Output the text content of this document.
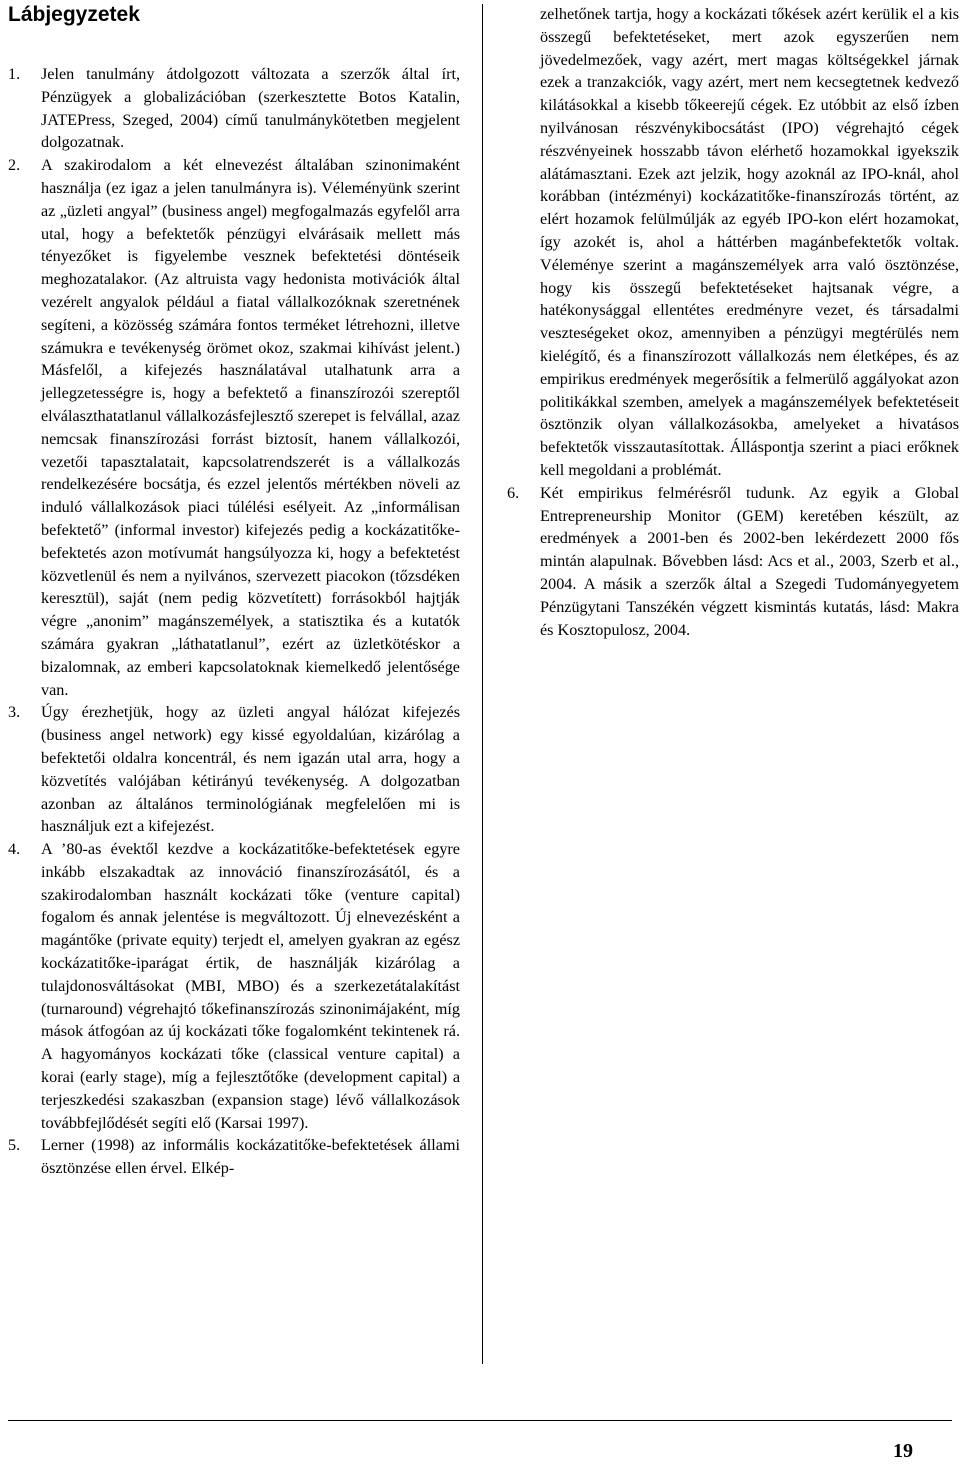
Lábjegyzetek

1. Jelen tanulmány átdolgozott változata a szerzők által írt, Pénzügyek a globalizációban (szerkesztette Botos Katalin, JATEPress, Szeged, 2004) című tanulmánykötetben megjelent dolgozatnak.

2. A szakirodalom a két elnevezést általában szinonimaként használja (ez igaz a jelen tanulmányra is). Véleményünk szerint az „üzleti angyal” (business angel) megfogalmazás egyfelől arra utal, hogy a befektetők pénzügyi elvárásaik mellett más tényezőket is figyelembe vesznek befektetési döntéseik meghozatalakor. (Az altruista vagy hedonista motivációk által vezérelt angyalok például a fiatal vállalkozóknak szeretnének segíteni, a közösség számára fontos terméket létrehozni, illetve számukra e tevékenység örömet okoz, szakmai kihívást jelent.) Másfelől, a kifejezés használatával utalhatunk arra a jellegzetességre is, hogy a befektető a finanszírozói szereptől elválaszthatatlanul vállalkozásfejlesztő szerepet is felvállal, azaz nemcsak finanszírozási forrást biztosít, hanem vállalkozói, vezetői tapasztalatait, kapcsolatrendszerét is a vállalkozás rendelkezésére bocsátja, és ezzel jelentős mértékben növeli az induló vállalkozások piaci túlélési esélyeit. Az „informálisan befektető” (informal investor) kifejezés pedig a kockázatitőke-befektetés azon motívumát hangsúlyozza ki, hogy a befektetést közvetlenül és nem a nyilvános, szervezett piacokon (tőzsdéken keresztül), saját (nem pedig közvetített) forrásokból hajtják végre „anonim” magánszemélyek, a statisztika és a kutatók számára gyakran „láthatatlanul”, ezért az üzletkötéskor a bizalomnak, az emberi kapcsolatoknak kiemelkedő jelentősége van.

3. Úgy érezhetjük, hogy az üzleti angyal hálózat kifejezés (business angel network) egy kissé egyoldalúan, kizárólag a befektetői oldalra koncentrál, és nem igazán utal arra, hogy a közvetítés valójában kétirányú tevékenység. A dolgozatban azonban az általános terminológiának megfelelően mi is használjuk ezt a kifejezést.

4. A ’80-as évektől kezdve a kockázatitőke-befektetések egyre inkább elszakadtak az innováció finanszírozásától, és a szakirodalomban használt kockázati tőke (venture capital) fogalom és annak jelentése is megváltozott. Új elnevezésként a magántőke (private equity) terjedt el, amelyen gyakran az egész kockázatitőke-iparágat értik, de használják kizárólag a tulajdonosváltásokat (MBI, MBO) és a szerkezetátalakítást (turnaround) végrehajtó tőkefinanszírozás szinonimájaként, míg mások átfogóan az új kockázati tőke fogalomként tekintenek rá. A hagyományos kockázati tőke (classical venture capital) a korai (early stage), míg a fejlesztőtőke (development capital) a terjeszkedési szakaszban (expansion stage) lévő vállalkozások továbbfejlődését segíti elő (Karsai 1997).

5. Lerner (1998) az informális kockázatitőke-befektetések állami ösztönzése ellen érvel. Elkép-

zelhetőnek tartja, hogy a kockázati tőkések azért kerülik el a kis összegű befektetéseket, mert azok egyszerűen nem jövedelmezőek, vagy azért, mert magas költségekkel járnak ezek a tranzakciók, vagy azért, mert nem kecsegtetnek kedvező kilátásokkal a kisebb tőkeerejű cégek. Ez utóbbit az első ízben nyilvánosan részvénykibocsátást (IPO) végrehajtó cégek részvényeinek hosszabb távon elérhető hozamokkal igyekszik alátámasztani. Ezek azt jelzik, hogy azoknál az IPO-knál, ahol korábban (intézményi) kockázatitőke-finanszírozás történt, az elért hozamok felülmúlják az egyéb IPO-kon elért hozamokat, így azokét is, ahol a háttérben magánbefektetők voltak. Véleménye szerint a magánszemélyek arra való ösztönzése, hogy kis összegű befektetéseket hajtsanak végre, a hatékonysággal ellentétes eredményre vezet, és társadalmi veszteségeket okoz, amennyiben a pénzügyi megtérülés nem kielégítő, és a finanszírozott vállalkozás nem életképes, és az empirikus eredmények megerősítik a felmerülő aggályokat azon politikákkal szemben, amelyek a magánszemélyek befektetéseit ösztönzik olyan vállalkozásokba, amelyeket a hivatásos befektetők visszautasítottak. Álláspontja szerint a piaci erőknek kell megoldani a problémát.

6. Két empirikus felmérésről tudunk. Az egyik a Global Entrepreneurship Monitor (GEM) keretében készült, az eredmények a 2001-ben és 2002-ben lekérdezett 2000 fős mintán alapulnak. Bővebben lásd: Acs et al., 2003, Szerb et al., 2004. A másik a szerzők által a Szegedi Tudományegyetem Pénzügytani Tanszékén végzett kismintás kutatás, lásd: Makra és Kosztopulosz, 2004.

19
